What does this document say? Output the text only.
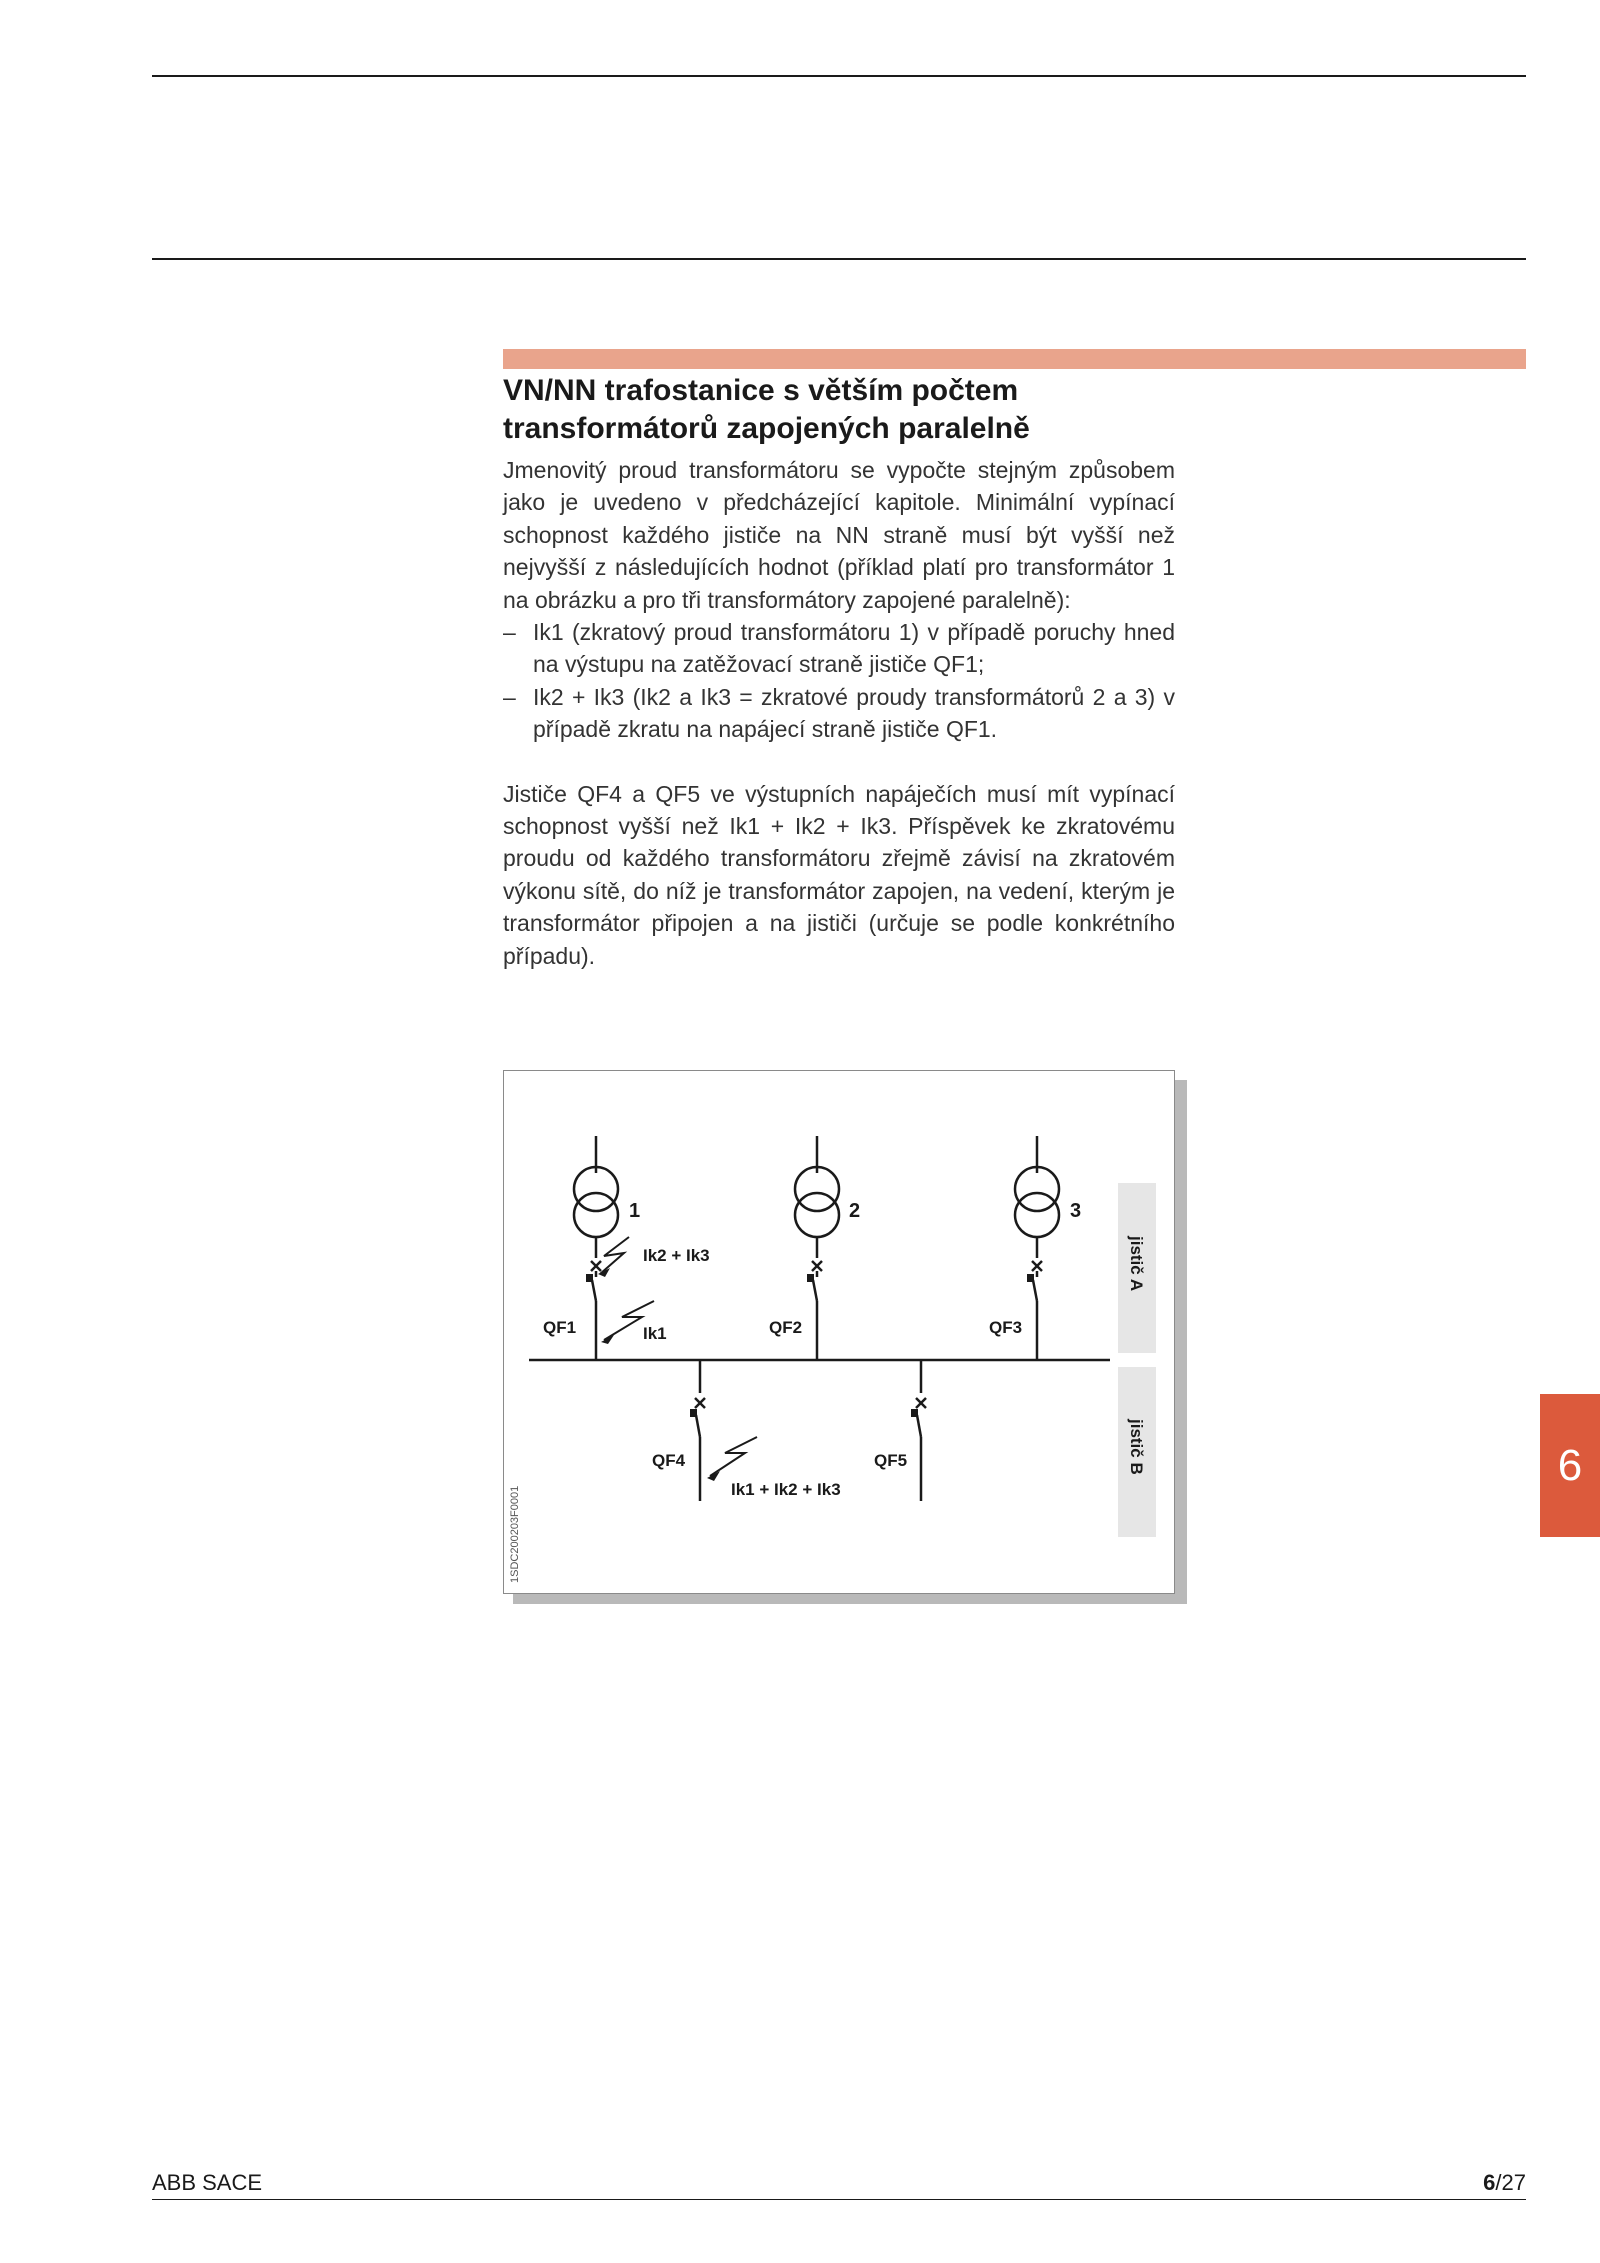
VN/NN trafostanice s větším počtem
transformátorů zapojených paralelně

Jmenovitý proud transformátoru se vypočte stejným způsobem jako je uvedeno v předcházející kapitole. Minimální vypínací schopnost každého jističe na NN straně musí být vyšší než nejvyšší z následujících hodnot (příklad platí pro transformátor 1 na obrázku a pro tři transformátory zapojené paralelně):

– Ik1 (zkratový proud transformátoru 1) v případě poruchy hned na výstupu na zatěžovací straně jističe QF1;
– Ik2 + Ik3 (Ik2 a Ik3 = zkratové proudy transformátorů 2 a 3) v případě zkratu na napájecí straně jističe QF1.

Jističe QF4 a QF5 ve výstupních napáječích musí mít vypínací schopnost vyšší než Ik1 + Ik2 + Ik3. Příspěvek ke zkratovému proudu od každého transformátoru zřejmě závisí na zkratovém výkonu sítě, do níž je transformátor zapojen, na vedení, kterým je transformátor připojen a na jističi (určuje se podle konkrétního případu).

1	2	3
Ik2 + Ik3
Ik1
Ik1 + Ik2 + Ik3
QF1	QF2	QF3
QF4	QF5
jistič A
jistič B
1SDC200203F0001
6
ABB SACE	6/27
